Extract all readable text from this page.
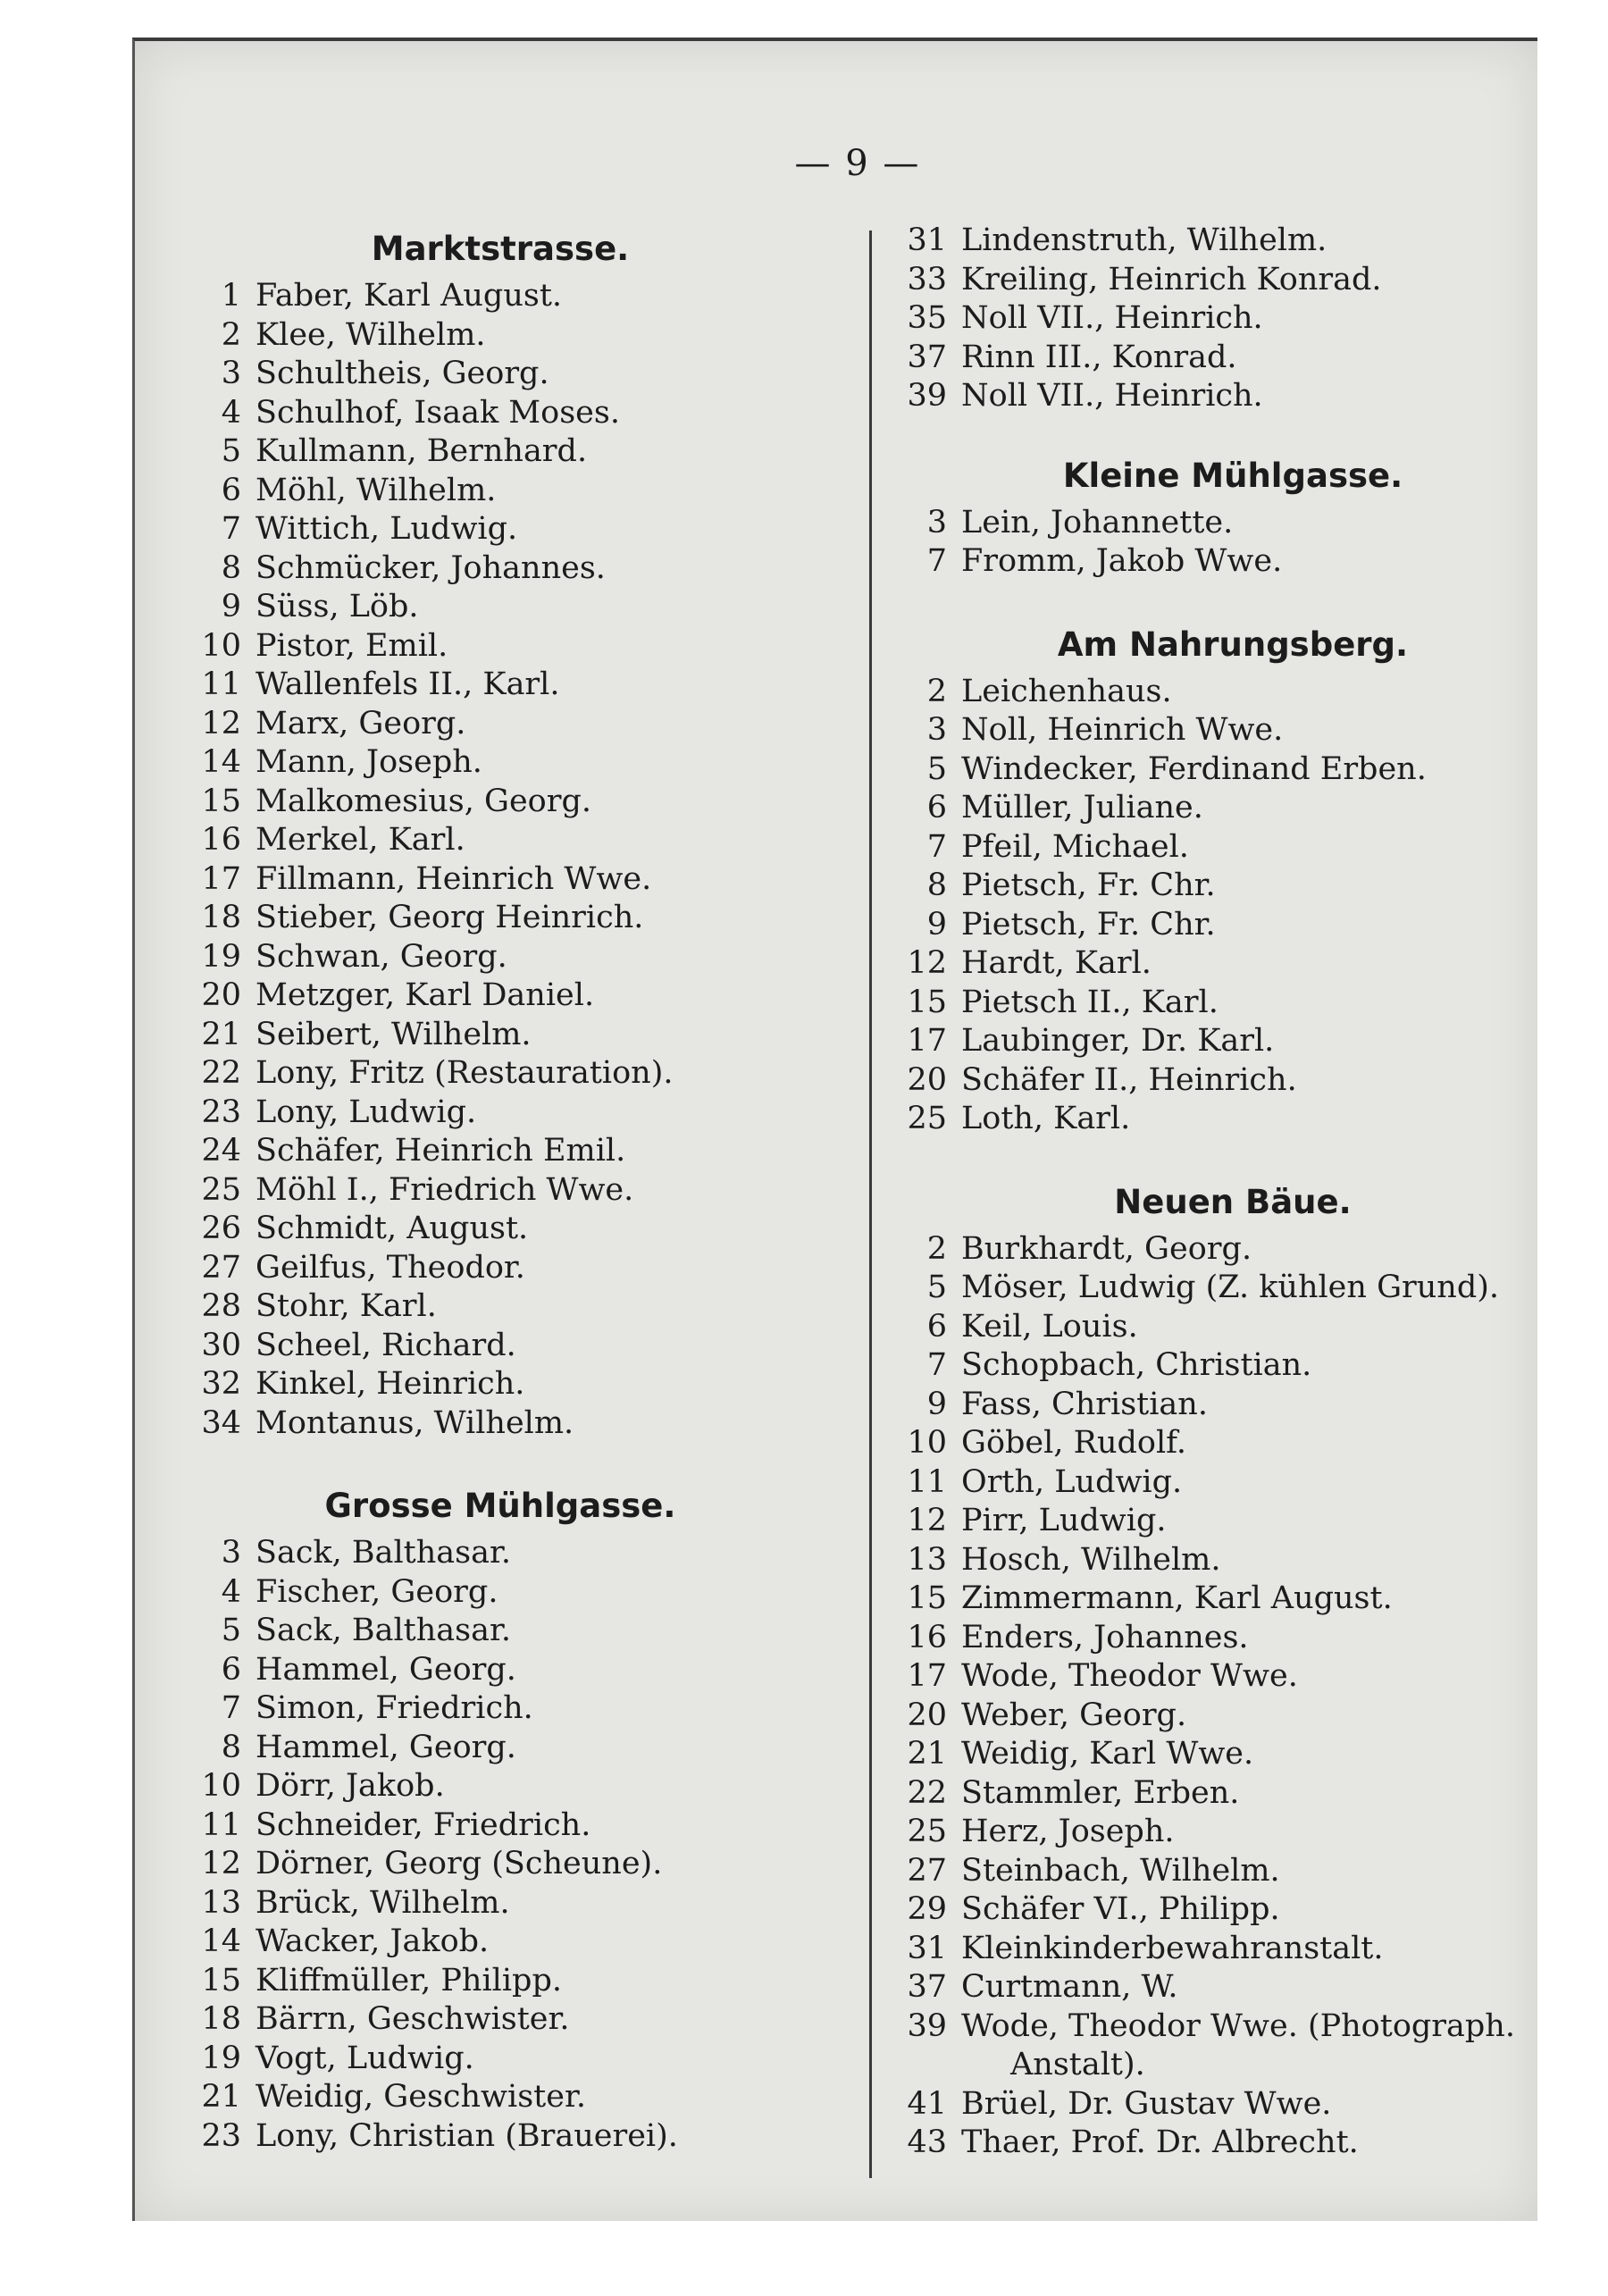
— 9 —
Marktstrasse.
1 Faber, Karl August.
2 Klee, Wilhelm.
3 Schultheis, Georg.
4 Schulhof, Isaak Moses.
5 Kullmann, Bernhard.
6 Möhl, Wilhelm.
7 Wittich, Ludwig.
8 Schmücker, Johannes.
9 Süss, Löb.
10 Pistor, Emil.
11 Wallenfels II., Karl.
12 Marx, Georg.
14 Mann, Joseph.
15 Malkomesius, Georg.
16 Merkel, Karl.
17 Fillmann, Heinrich Wwe.
18 Stieber, Georg Heinrich.
19 Schwan, Georg.
20 Metzger, Karl Daniel.
21 Seibert, Wilhelm.
22 Lony, Fritz (Restauration).
23 Lony, Ludwig.
24 Schäfer, Heinrich Emil.
25 Möhl I., Friedrich Wwe.
26 Schmidt, August.
27 Geilfus, Theodor.
28 Stohr, Karl.
30 Scheel, Richard.
32 Kinkel, Heinrich.
34 Montanus, Wilhelm.
Grosse Mühlgasse.
3 Sack, Balthasar.
4 Fischer, Georg.
5 Sack, Balthasar.
6 Hammel, Georg.
7 Simon, Friedrich.
8 Hammel, Georg.
10 Dörr, Jakob.
11 Schneider, Friedrich.
12 Dörner, Georg (Scheune).
13 Brück, Wilhelm.
14 Wacker, Jakob.
15 Kliffmüller, Philipp.
18 Bärrn, Geschwister.
19 Vogt, Ludwig.
21 Weidig, Geschwister.
23 Lony, Christian (Brauerei).
31 Lindenstruth, Wilhelm.
33 Kreiling, Heinrich Konrad.
35 Noll VII., Heinrich.
37 Rinn III., Konrad.
39 Noll VII., Heinrich.
Kleine Mühlgasse.
3 Lein, Johannette.
7 Fromm, Jakob Wwe.
Am Nahrungsberg.
2 Leichenhaus.
3 Noll, Heinrich Wwe.
5 Windecker, Ferdinand Erben.
6 Müller, Juliane.
7 Pfeil, Michael.
8 Pietsch, Fr. Chr.
9 Pietsch, Fr. Chr.
12 Hardt, Karl.
15 Pietsch II., Karl.
17 Laubinger, Dr. Karl.
20 Schäfer II., Heinrich.
25 Loth, Karl.
Neuen Bäue.
2 Burkhardt, Georg.
5 Möser, Ludwig (Z. kühlen Grund).
6 Keil, Louis.
7 Schopbach, Christian.
9 Fass, Christian.
10 Göbel, Rudolf.
11 Orth, Ludwig.
12 Pirr, Ludwig.
13 Hosch, Wilhelm.
15 Zimmermann, Karl August.
16 Enders, Johannes.
17 Wode, Theodor Wwe.
20 Weber, Georg.
21 Weidig, Karl Wwe.
22 Stammler, Erben.
25 Herz, Joseph.
27 Steinbach, Wilhelm.
29 Schäfer VI., Philipp.
31 Kleinkinderbewahranstalt.
37 Curtmann, W.
39 Wode, Theodor Wwe. (Photograph.
Anstalt).
41 Brüel, Dr. Gustav Wwe.
43 Thaer, Prof. Dr. Albrecht.
